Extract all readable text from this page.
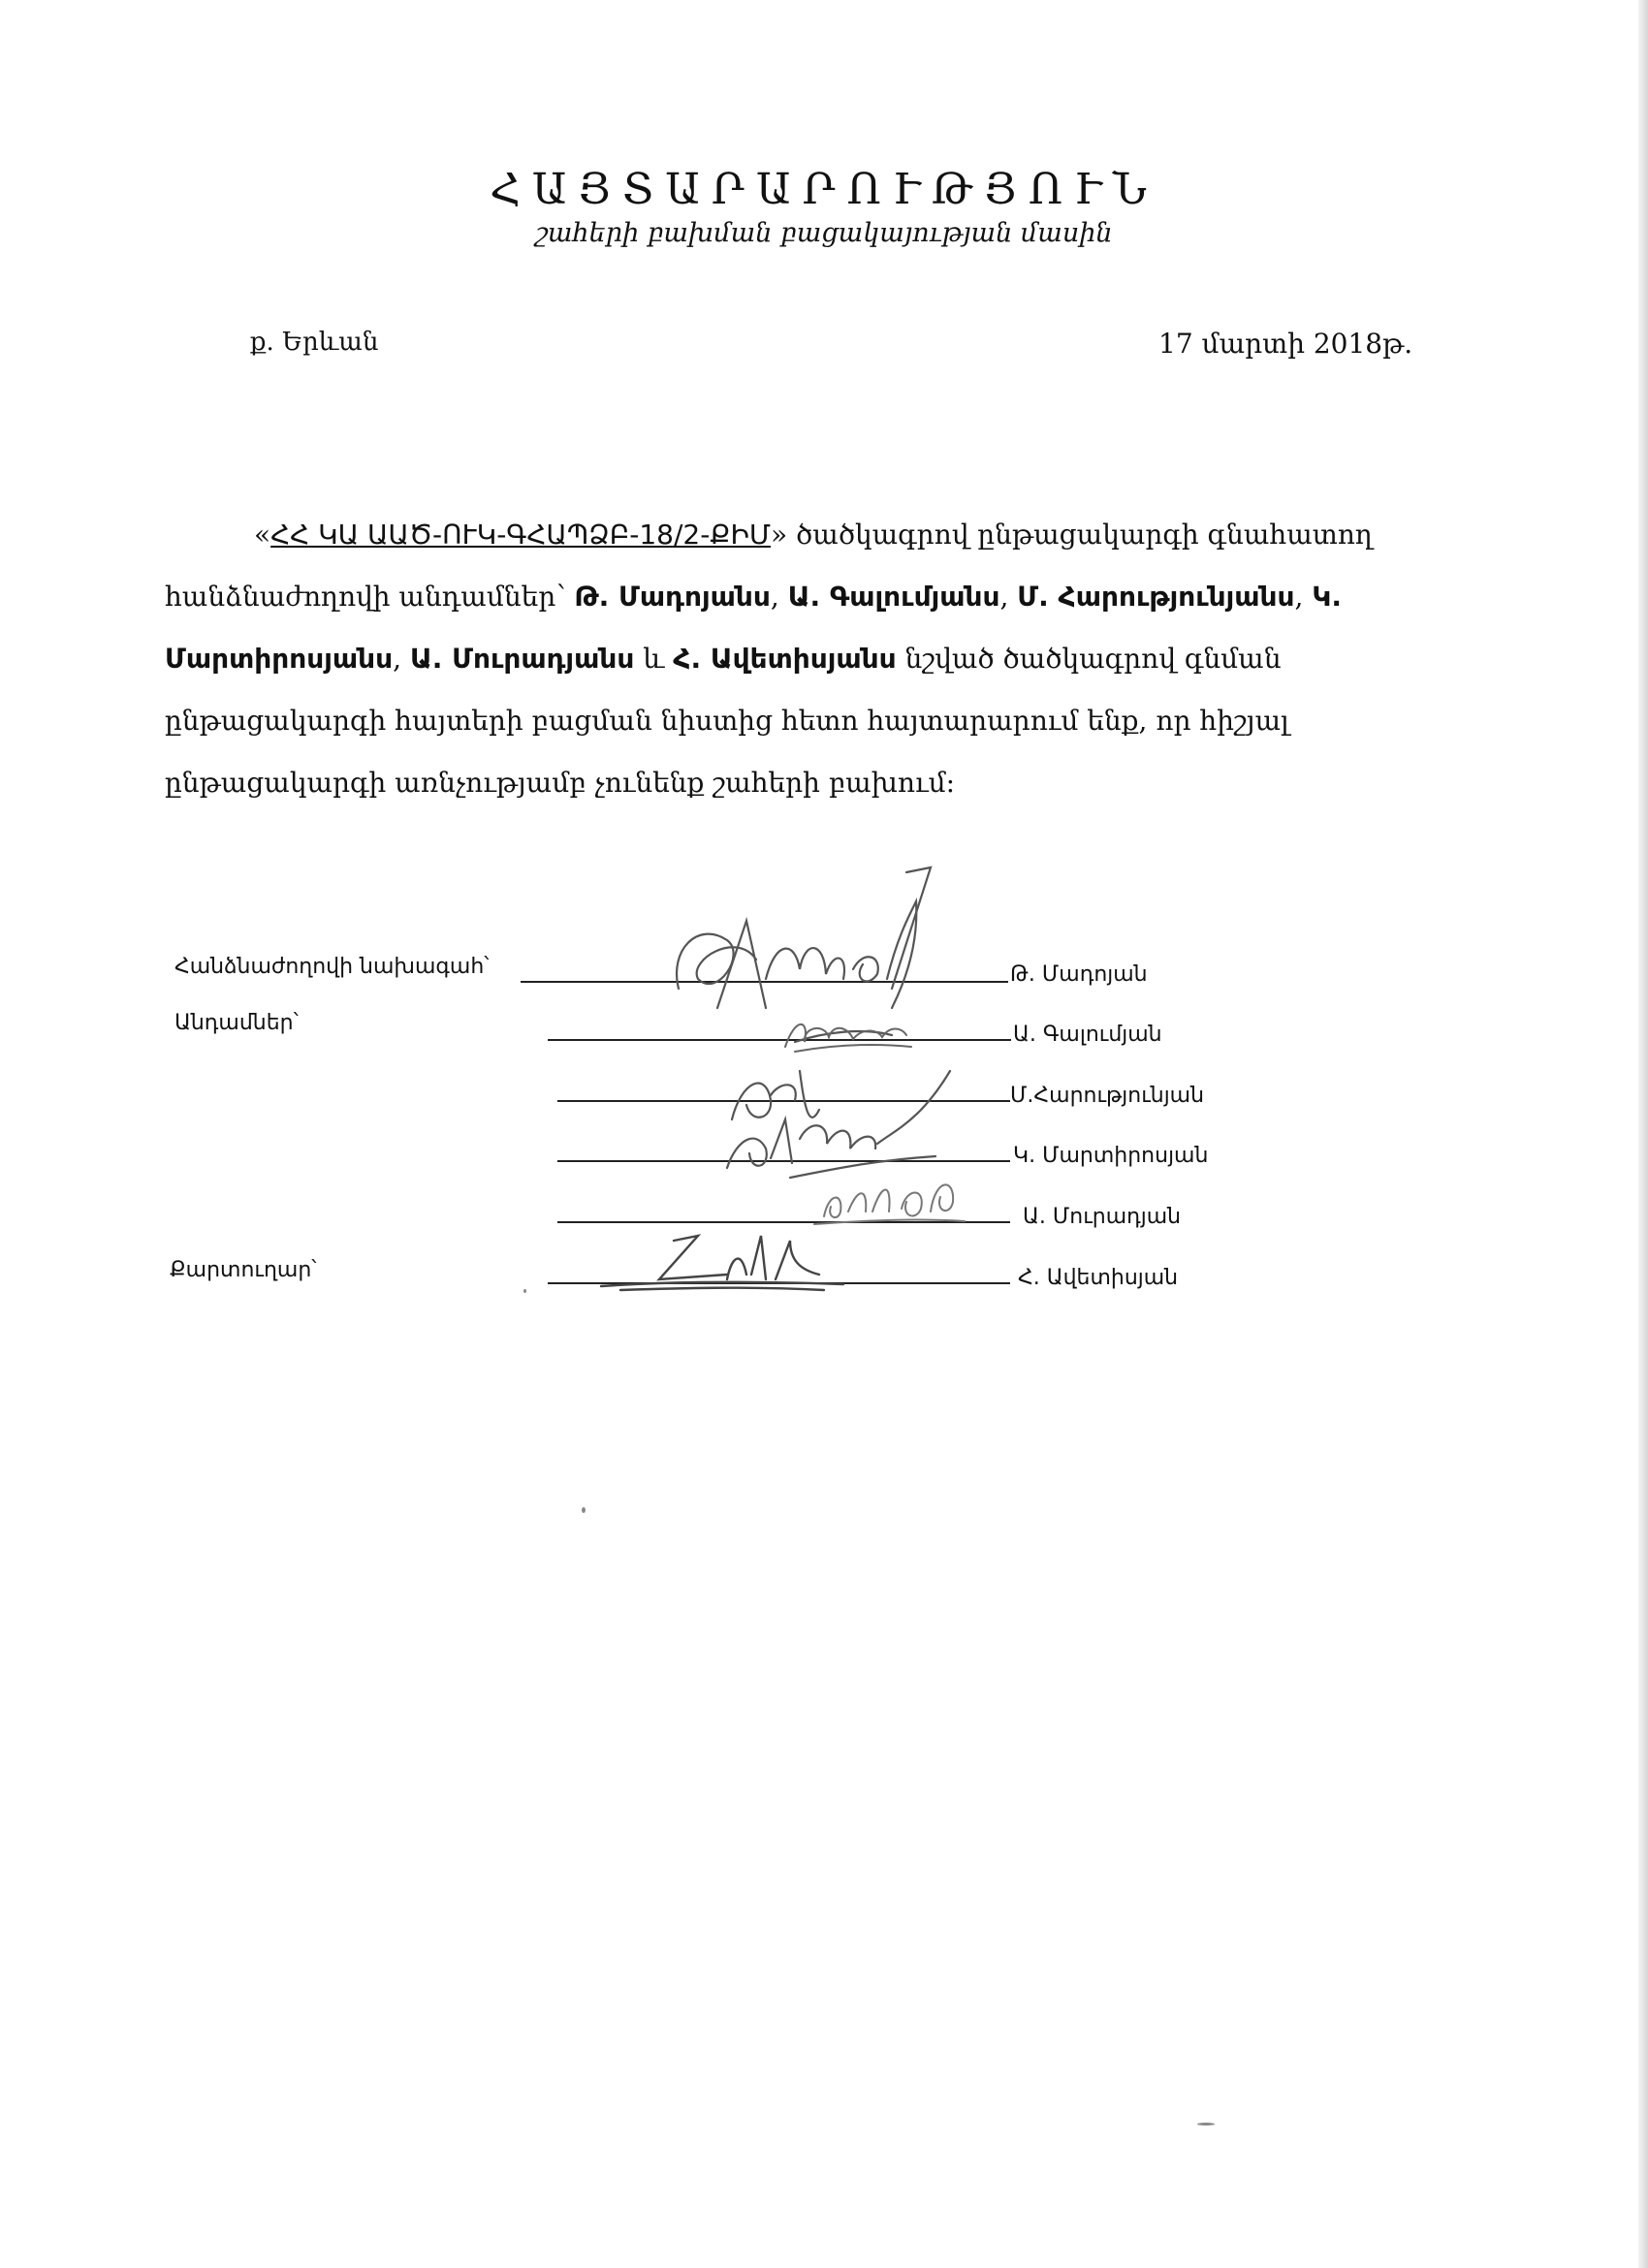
ՀԱՅՏԱՐԱՐՈՒԹՅՈՒՆ
շահերի բախման բացակայության մասին
ք. Երևան	17 մարտի 2018թ.

«ՀՀ ԿԱ ԱԱԾ-ՈՒԿ-ԳՀԱՊՁԲ-18/2-ՔԻՄ» ծածկագրով ընթացակարգի գնահատող հանձնաժողովի անդամներ՝ Թ. Մադոյանս, Ա. Գալումյանս, Մ. Հարությունյանս, Կ. Մարտիրոսյանս, Ա. Մուրադյանս և Հ. Ավետիսյանս նշված ծածկագրով գնման ընթացակարգի հայտերի բացման նիստից հետո հայտարարում ենք, որ հիշյալ ընթացակարգի առնչությամբ չունենք շահերի բախում:

Հանձնաժողովի նախագահ՝
Անդամներ՝
Քարտուղար՝
Թ. Մադոյան
Ա. Գալումյան
Մ.Հարությունյան
Կ. Մարտիրոսյան
Ա. Մուրադյան
Հ. Ավետիսյան
